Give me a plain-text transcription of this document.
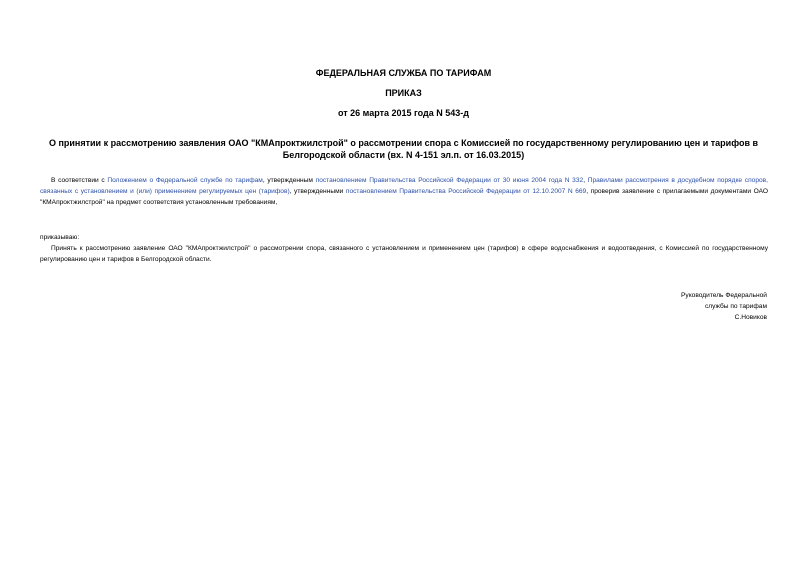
ФЕДЕРАЛЬНАЯ СЛУЖБА ПО ТАРИФАМ
ПРИКАЗ
от 26 марта 2015 года N 543-д
О принятии к рассмотрению заявления ОАО "КМАпроктжилстрой" о рассмотрении спора с Комиссией по государственному регулированию цен и тарифов в Белгородской области (вх. N 4-151 эл.п. от 16.03.2015)
В соответствии с Положением о Федеральной службе по тарифам, утвержденным постановлением Правительства Российской Федерации от 30 июня 2004 года N 332, Правилами рассмотрения в досудебном порядке споров, связанных с установлением и (или) применением регулируемых цен (тарифов), утвержденными постановлением Правительства Российской Федерации от 12.10.2007 N 669, проверив заявление с прилагаемыми документами ОАО "КМАпроктжилстрой" на предмет соответствия установленным требованиям,
приказываю:
Принять к рассмотрению заявление ОАО "КМАпроктжилстрой" о рассмотрении спора, связанного с установлением и применением цен (тарифов) в сфере водоснабжения и водоотведения, с Комиссией по государственному регулированию цен и тарифов в Белгородской области.
Руководитель Федеральной
службы по тарифам
С.Новиков
